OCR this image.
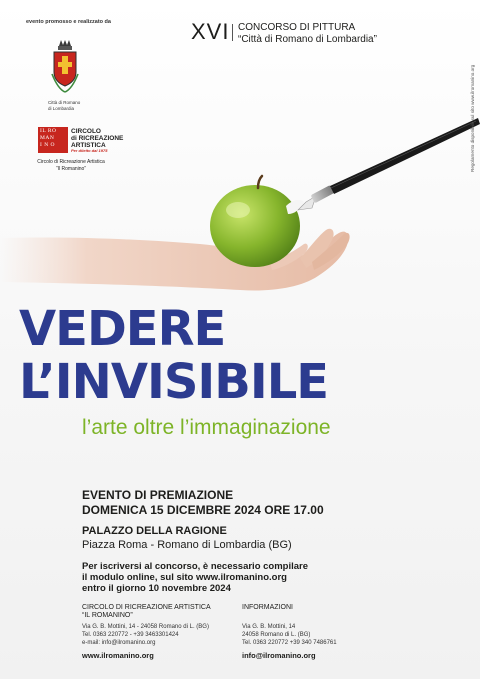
evento promosso e realizzato da
Città di Romano
di Lombardia
IL RO
MAN
I N O
CIRCOLO
di RICREAZIONE
ARTISTICA
Per diletto dal 1975
Circolo di Ricreazione Artistica
“Il Romanino”
XVI CONCORSO DI PITTURA
“Città di Romano di Lombardia”
Regolamento disponibile sul sito www.ilromanino.org
VEDERE
L’INVISIBILE
l’arte oltre l’immaginazione
EVENTO DI PREMIAZIONE
DOMENICA 15 DICEMBRE 2024 ORE 17.00
PALAZZO DELLA RAGIONE
Piazza Roma - Romano di Lombardia (BG)
Per iscriversi al concorso, è necessario compilare
il modulo online, sul sito www.ilromanino.org
entro il giorno 10 novembre 2024
CIRCOLO DI RICREAZIONE ARTISTICA
“IL ROMANINO”
Via G. B. Mottini, 14 - 24058 Romano di L. (BG)
Tel. 0363 220772 - +39 3463301424
e-mail: info@ilromanino.org
www.ilromanino.org
INFORMAZIONI
Via G. B. Mottini, 14
24058 Romano di L. (BG)
Tel. 0363 220772 +39 340 7486761
info@ilromanino.org
